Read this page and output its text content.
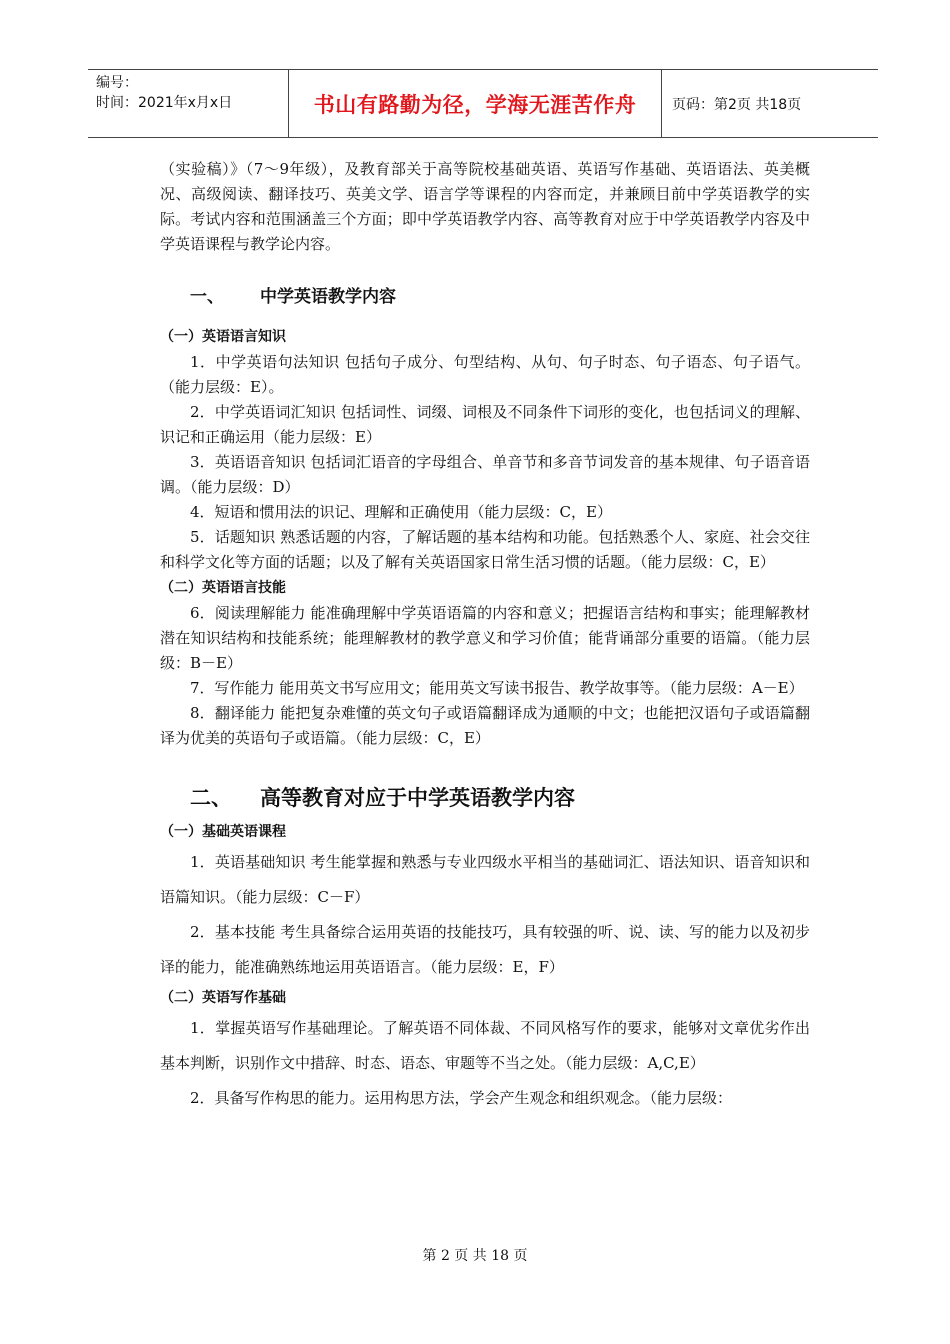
编号：
时间：2021年x月x日	书山有路勤为径，学海无涯苦作舟	页码：第2页 共18页

（实验稿）》（7～9年级），及教育部关于高等院校基础英语、英语写作基础、英语语法、英美概况、高级阅读、翻译技巧、英美文学、语言学等课程的内容而定，并兼顾目前中学英语教学的实际。考试内容和范围涵盖三个方面；即中学英语教学内容、高等教育对应于中学英语教学内容及中学英语课程与教学论内容。

一、 中学英语教学内容
（一）英语语言知识

1．中学英语句法知识 包括句子成分、句型结构、从句、句子时态、句子语态、句子语气。（能力层级：E）。

2．中学英语词汇知识 包括词性、词缀、词根及不同条件下词形的变化，也包括词义的理解、识记和正确运用（能力层级：E）

3．英语语音知识 包括词汇语音的字母组合、单音节和多音节词发音的基本规律、句子语音语调。（能力层级：D）

4．短语和惯用法的识记、理解和正确使用（能力层级：C，E）

5．话题知识 熟悉话题的内容，了解话题的基本结构和功能。包括熟悉个人、家庭、社会交往和科学文化等方面的话题；以及了解有关英语国家日常生活习惯的话题。（能力层级：C，E）

（二）英语语言技能

6．阅读理解能力 能准确理解中学英语语篇的内容和意义；把握语言结构和事实；能理解教材潜在知识结构和技能系统；能理解教材的教学意义和学习价值；能背诵部分重要的语篇。（能力层级：B－E）

7．写作能力 能用英文书写应用文；能用英文写读书报告、教学故事等。（能力层级：A－E）

8．翻译能力 能把复杂难懂的英文句子或语篇翻译成为通顺的中文；也能把汉语句子或语篇翻译为优美的英语句子或语篇。（能力层级：C，E）

二、 高等教育对应于中学英语教学内容
（一）基础英语课程

1．英语基础知识 考生能掌握和熟悉与专业四级水平相当的基础词汇、语法知识、语音知识和语篇知识。（能力层级：C－F）

2．基本技能 考生具备综合运用英语的技能技巧，具有较强的听、说、读、写的能力以及初步译的能力，能准确熟练地运用英语语言。（能力层级：E，F）

（二）英语写作基础

1．掌握英语写作基础理论。了解英语不同体裁、不同风格写作的要求，能够对文章优劣作出基本判断，识别作文中措辞、时态、语态、审题等不当之处。（能力层级：A,C,E）

2．具备写作构思的能力。运用构思方法，学会产生观念和组织观念。（能力层级：

第 2 页 共 18 页
